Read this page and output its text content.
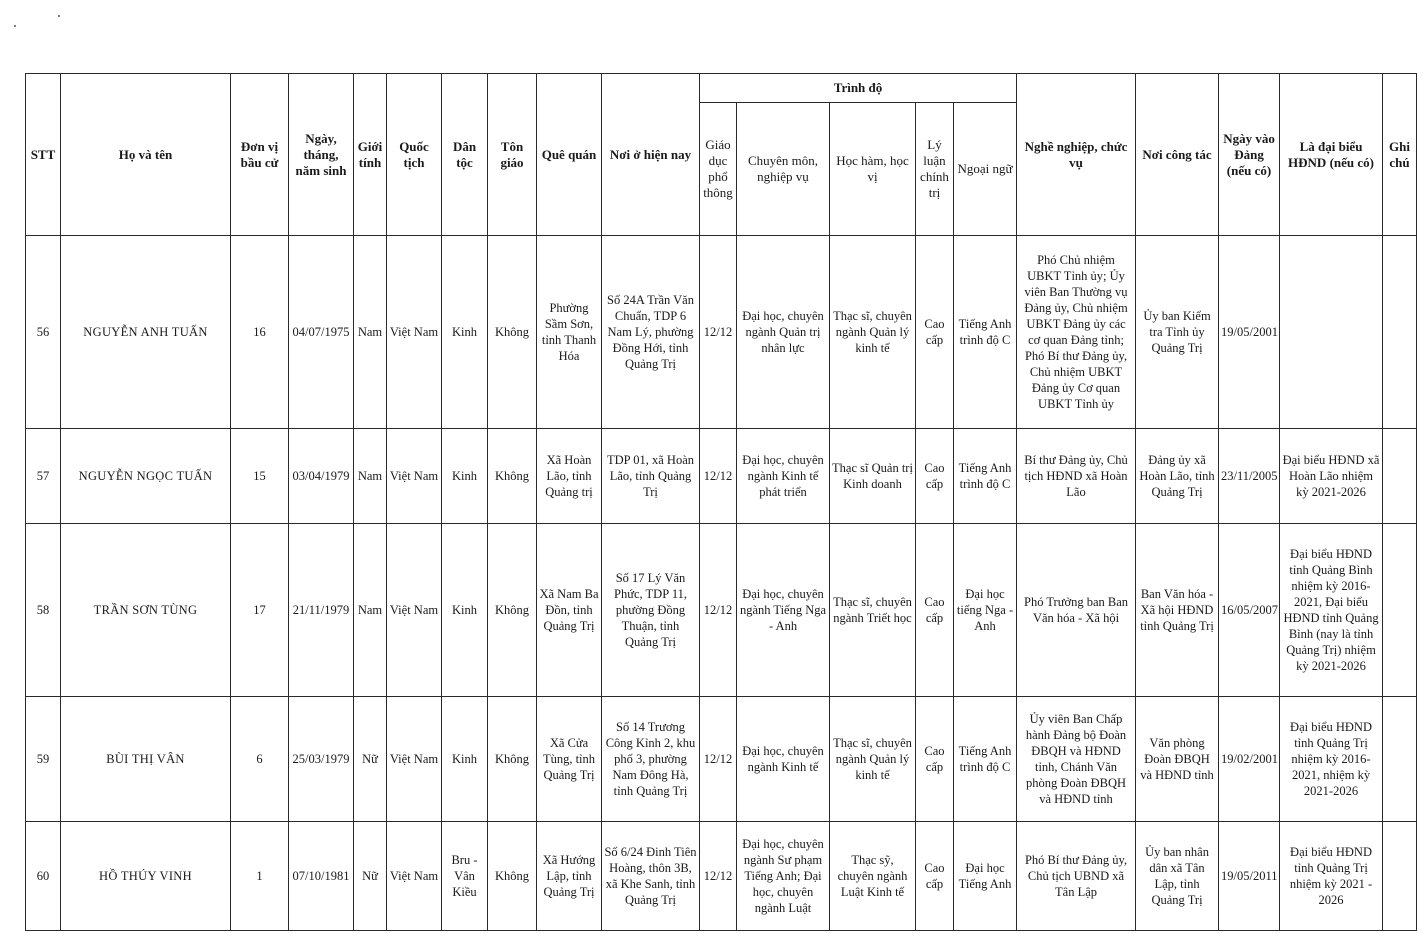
STT	Họ và tên	Đơn vị bầu cử	Ngày, tháng, năm sinh	Giới tính	Quốc tịch	Dân tộc	Tôn giáo	Quê quán	Nơi ở hiện nay	Trình độ					Nghề nghiệp, chức vụ	Nơi công tác	Ngày vào Đảng (nếu có)	Là đại biểu HĐND (nếu có)	Ghi chú
										Giáo dục phổ thông	Chuyên môn, nghiệp vụ	Học hàm, học vị	Lý luận chính trị	Ngoại ngữ					
56	NGUYỄN ANH TUẤN	16	04/07/1975	Nam	Việt Nam	Kinh	Không	Phường Sầm Sơn, tỉnh Thanh Hóa	Số 24A Trần Văn Chuẩn, TDP 6 Nam Lý, phường Đồng Hới, tỉnh Quảng Trị	12/12	Đại học, chuyên ngành Quản trị nhân lực	Thạc sĩ, chuyên ngành Quản lý kinh tế	Cao cấp	Tiếng Anh trình độ C	Phó Chủ nhiệm UBKT Tỉnh ủy; Ủy viên Ban Thường vụ Đảng ủy, Chủ nhiệm UBKT Đảng ủy các cơ quan Đảng tỉnh; Phó Bí thư Đảng ủy, Chủ nhiệm UBKT Đảng ủy Cơ quan UBKT Tỉnh ủy	Ủy ban Kiểm tra Tỉnh ủy Quảng Trị	19/05/2001		
57	NGUYỄN NGỌC TUẤN	15	03/04/1979	Nam	Việt Nam	Kinh	Không	Xã Hoàn Lão, tỉnh Quảng trị	TDP 01, xã Hoàn Lão, tỉnh Quảng Trị	12/12	Đại học, chuyên ngành Kinh tế phát triển	Thạc sĩ Quản trị Kinh doanh	Cao cấp	Tiếng Anh trình độ C	Bí thư Đảng ủy, Chủ tịch HĐND xã Hoàn Lão	Đảng ủy xã Hoàn Lão, tỉnh Quảng Trị	23/11/2005	Đại biểu HĐND xã Hoàn Lão nhiệm kỳ 2021-2026	
58	TRẦN SƠN TÙNG	17	21/11/1979	Nam	Việt Nam	Kinh	Không	Xã Nam Ba Đồn, tỉnh Quảng Trị	Số 17 Lý Văn Phức, TDP 11, phường Đồng Thuận, tỉnh Quảng Trị	12/12	Đại học, chuyên ngành Tiếng Nga - Anh	Thạc sĩ, chuyên ngành Triết học	Cao cấp	Đại học tiếng Nga - Anh	Phó Trưởng ban Ban Văn hóa - Xã hội	Ban Văn hóa - Xã hội HĐND tỉnh Quảng Trị	16/05/2007	Đại biểu HĐND tỉnh Quảng Bình nhiệm kỳ 2016-2021, Đại biểu HĐND tỉnh Quảng Bình (nay là tỉnh Quảng Trị) nhiệm kỳ 2021-2026	
59	BÙI THỊ VÂN	6	25/03/1979	Nữ	Việt Nam	Kinh	Không	Xã Cửa Tùng, tỉnh Quảng Trị	Số 14 Trương Công Kỉnh 2, khu phố 3, phường Nam Đông Hà, tỉnh Quảng Trị	12/12	Đại học, chuyên ngành Kinh tế	Thạc sĩ, chuyên ngành Quản lý kinh tế	Cao cấp	Tiếng Anh trình độ C	Ủy viên Ban Chấp hành Đảng bộ Đoàn ĐBQH và HĐND tỉnh, Chánh Văn phòng Đoàn ĐBQH và HĐND tỉnh	Văn phòng Đoàn ĐBQH và HĐND tỉnh	19/02/2001	Đại biểu HĐND tỉnh Quảng Trị nhiệm kỳ 2016-2021, nhiệm kỳ 2021-2026	
60	HỒ THÚY VINH	1	07/10/1981	Nữ	Việt Nam	Bru - Vân Kiều	Không	Xã Hướng Lập, tỉnh Quảng Trị	Số 6/24 Đinh Tiên Hoàng, thôn 3B, xã Khe Sanh, tỉnh Quảng Trị	12/12	Đại học, chuyên ngành Sư phạm Tiếng Anh; Đại học, chuyên ngành Luật	Thạc sỹ, chuyên ngành Luật Kinh tế	Cao cấp	Đại học Tiếng Anh	Phó Bí thư Đảng ủy, Chủ tịch UBND xã Tân Lập	Ủy ban nhân dân xã Tân Lập, tỉnh Quảng Trị	19/05/2011	Đại biểu HĐND tỉnh Quảng Trị nhiệm kỳ 2021 - 2026	
